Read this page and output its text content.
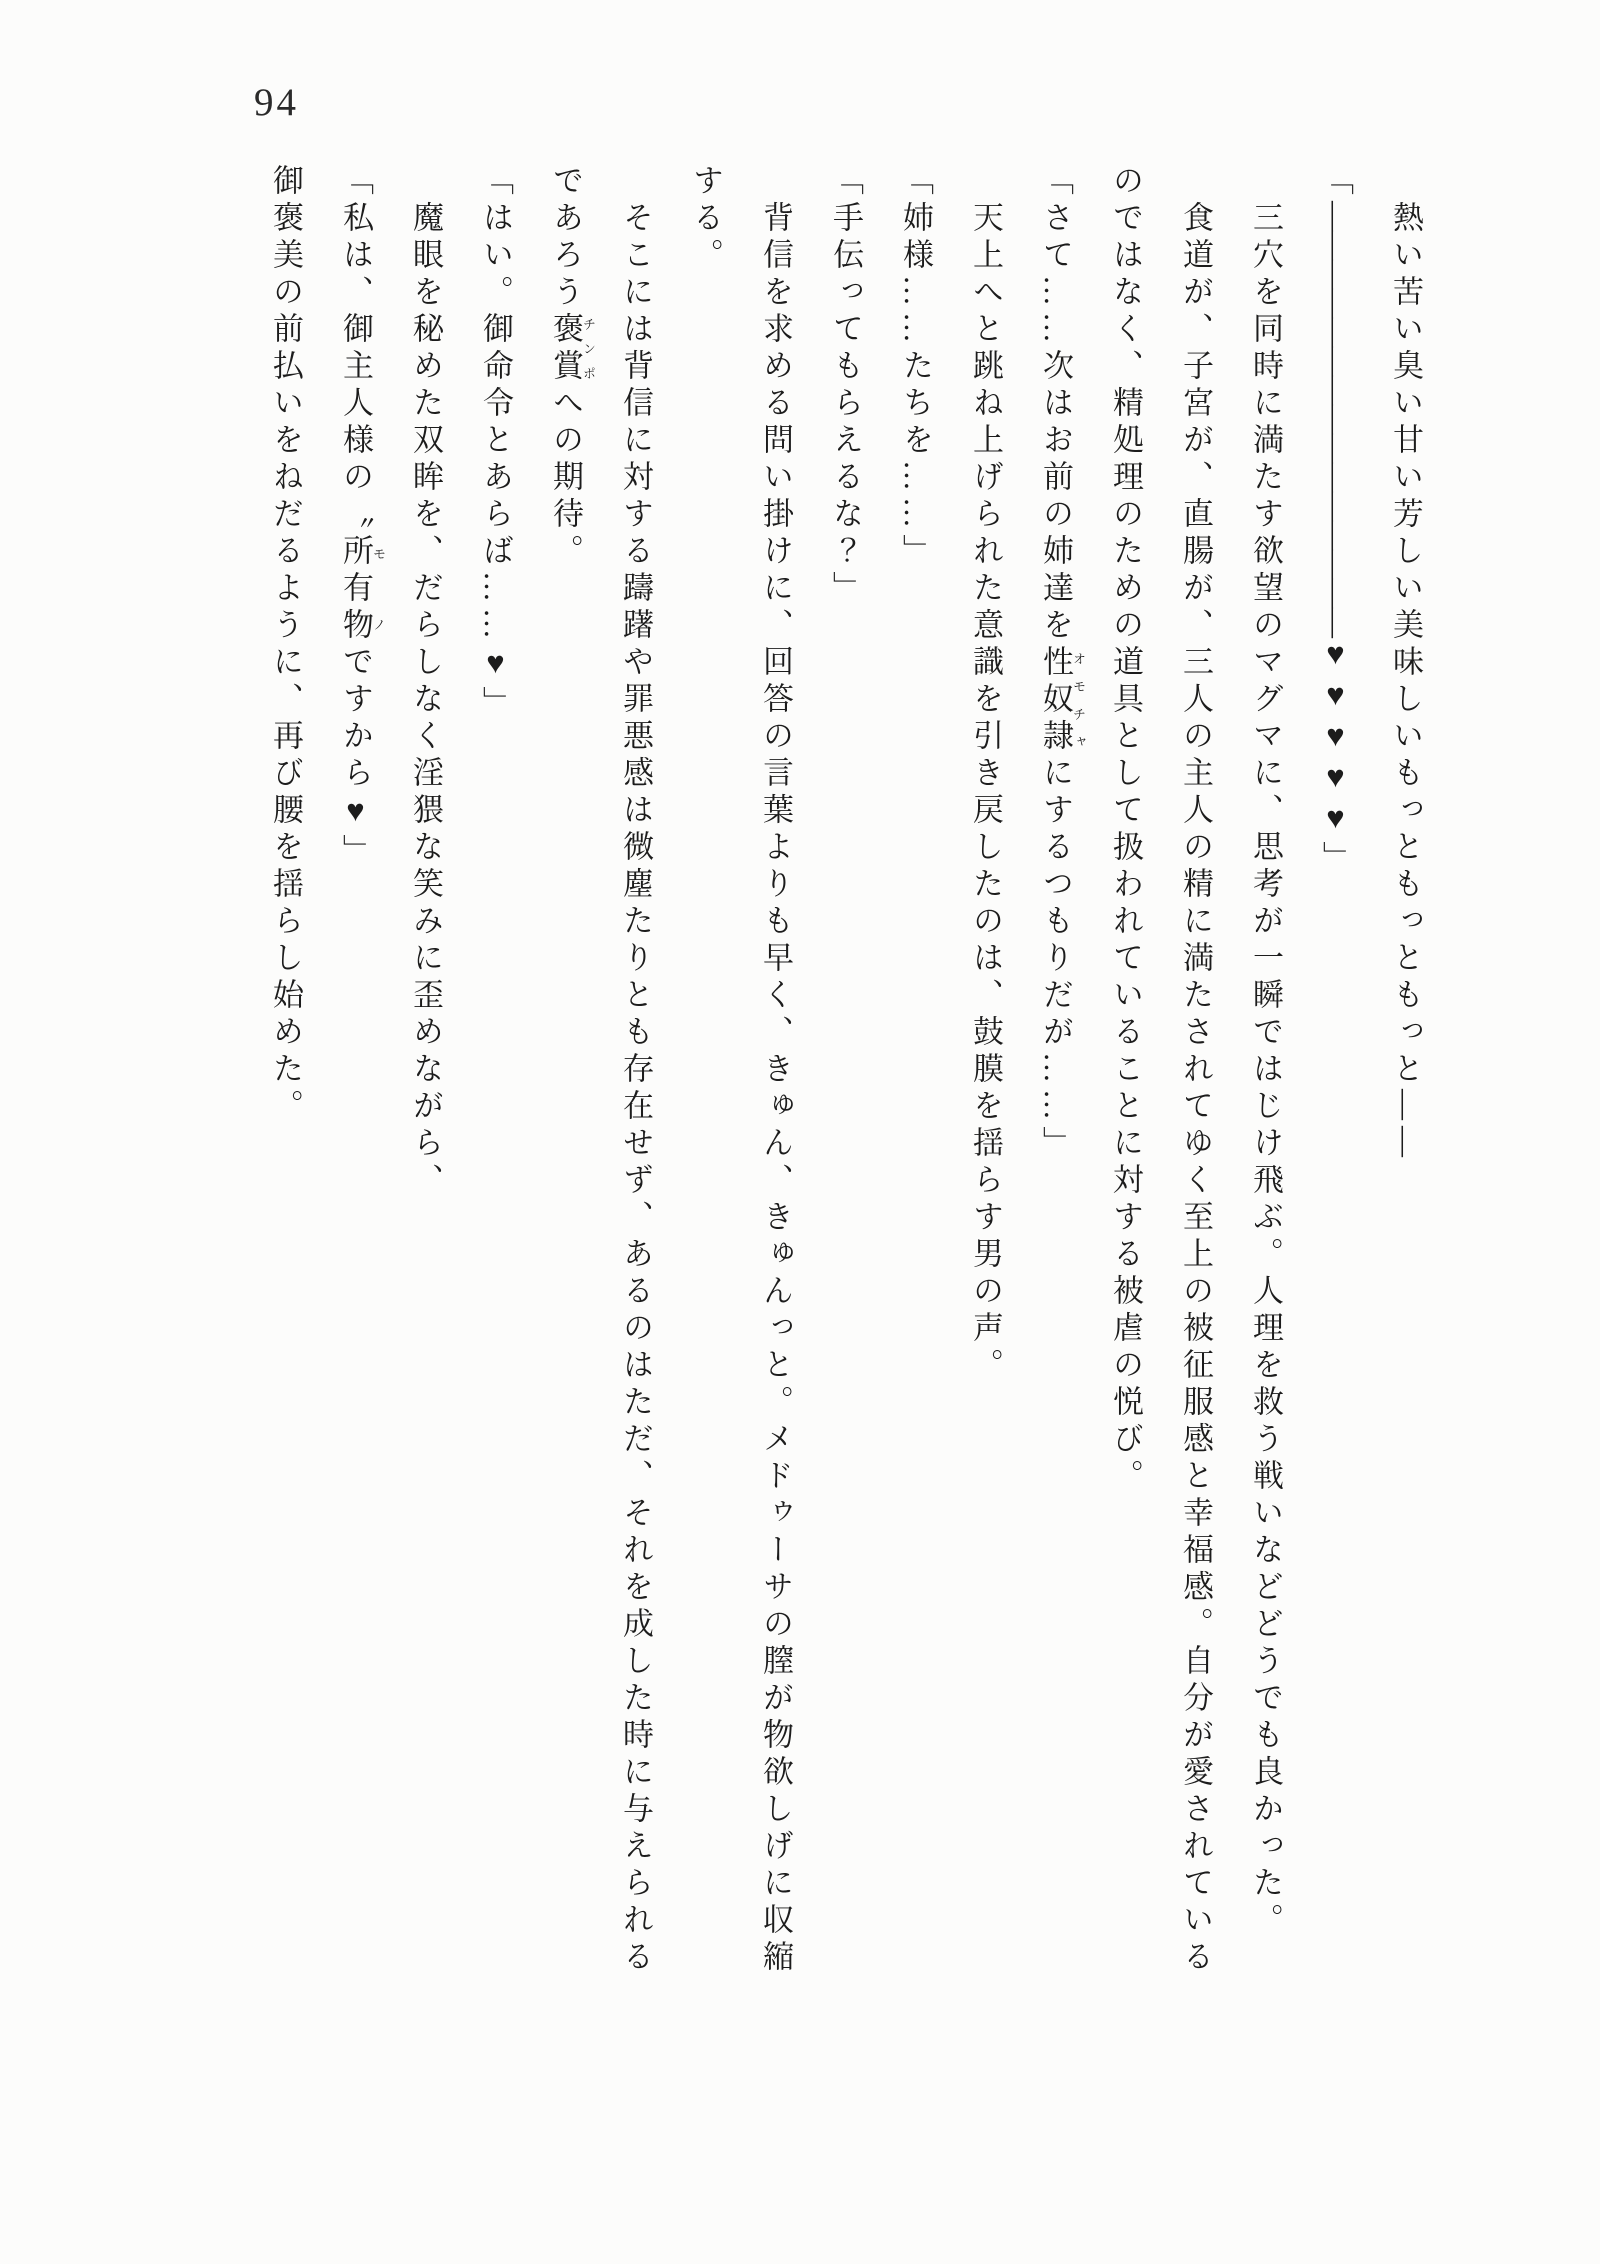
94

熱い苦い臭い甘い芳しい美味しいもっともっともっと――

「―――――――――――――――♥♥♥♥♥」

三穴を同時に満たす欲望のマグマに、思考が一瞬ではじけ飛ぶ。人理を救う戦いなどどうでも良かった。

食道が、子宮が、直腸が、三人の主人の精に満たされてゆく至上の被征服感と幸福感。自分が愛されている

のではなく、精処理のための道具として扱われていることに対する被虐の悦び。

「さて……次はお前の姉達を性奴隷オモチャにするつもりだが……」

天上へと跳ね上げられた意識を引き戻したのは、鼓膜を揺らす男の声。

「姉様……たちを……」

「手伝ってもらえるな？」

背信を求める問い掛けに、回答の言葉よりも早く、きゅん、きゅんっと。メドゥーサの膣が物欲しげに収縮

する。

そこには背信に対する躊躇や罪悪感は微塵たりとも存在せず、あるのはただ、それを成した時に与えられる

であろう褒賞チンポへの期待。

「はい。御命令とあらば……♥」

魔眼を秘めた双眸を、だらしなく淫猥な笑みに歪めながら、

「私は、御主人様の〝所有物モノですから♥」

御褒美の前払いをねだるように、再び腰を揺らし始めた。
